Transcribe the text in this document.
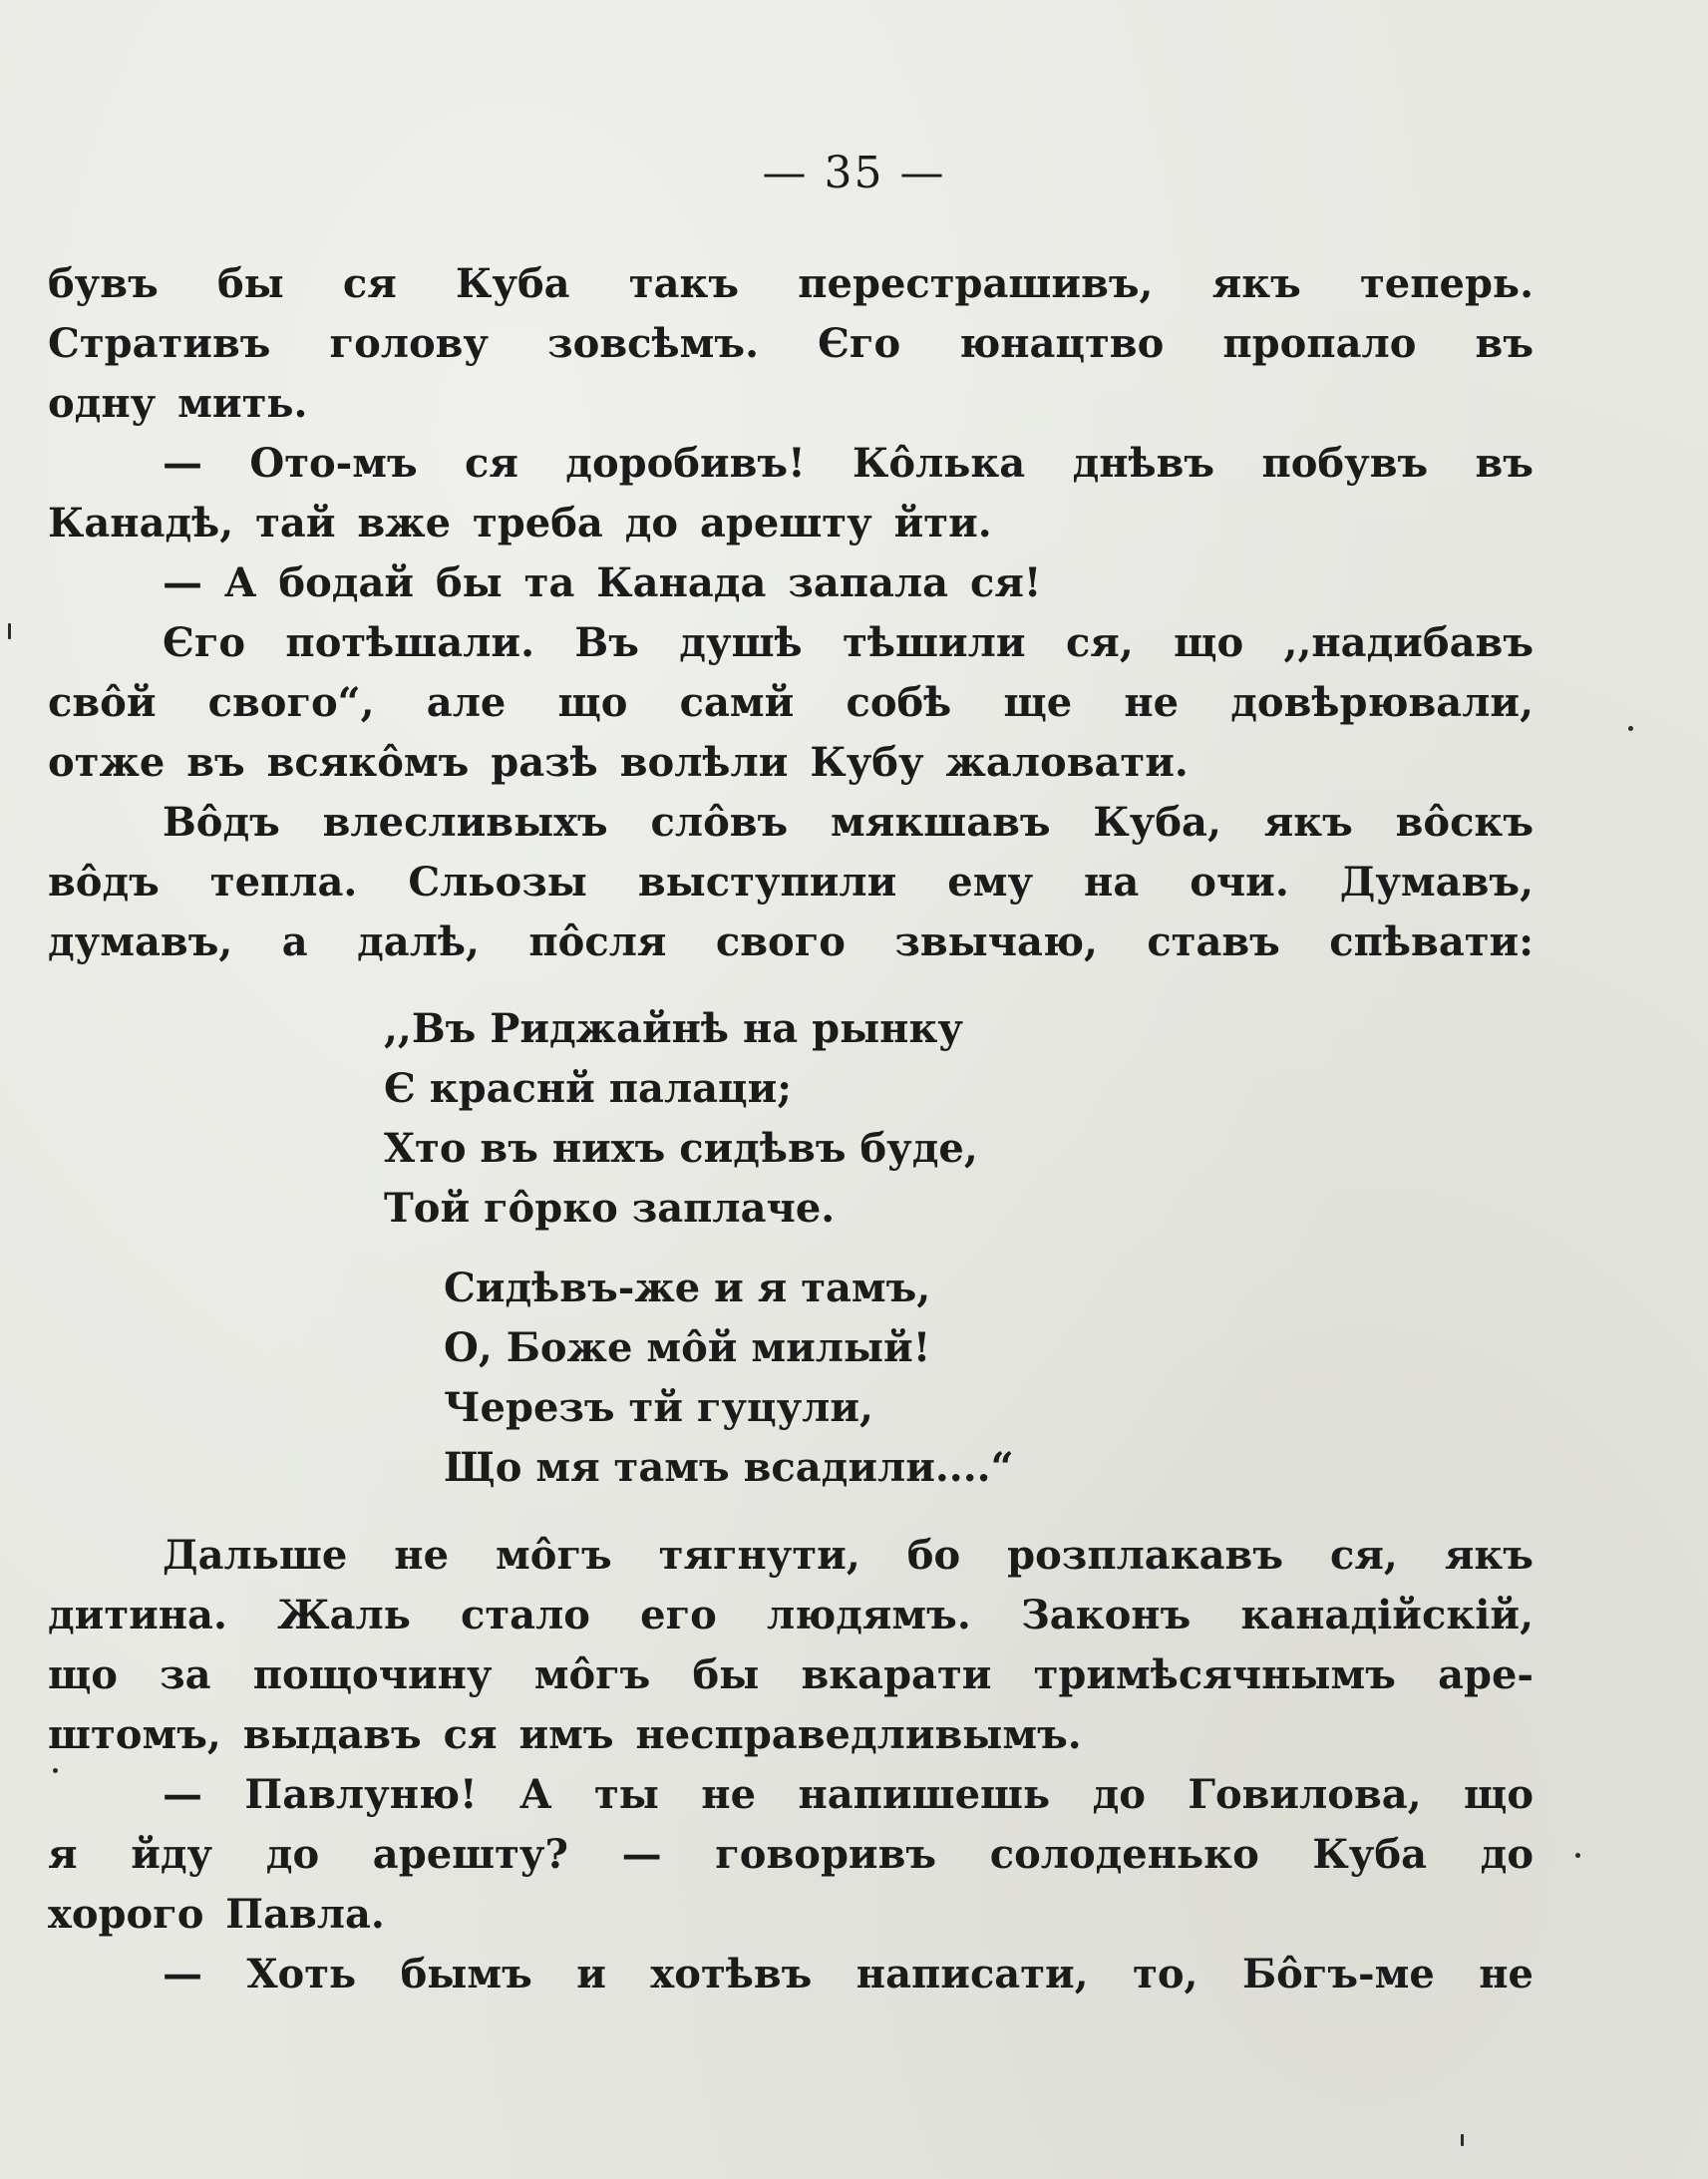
— 35 —
бувъ бы ся Куба такъ перестрашивъ, якъ теперь.
Стративъ голову зовсѣмъ. Єго юнацтво пропало въ
одну мить.
— Ото-мъ ся доробивъ! Кôлька днѣвъ побувъ въ
Канадѣ, тай вже треба до арешту йти.
— А бодай бы та Канада запала ся!
Єго потѣшали. Въ душѣ тѣшили ся, що ,,надибавъ
свôй свого“, але що самй собѣ ще не довѣрювали,
отже въ всякôмъ разѣ волѣли Кубу жаловати.
Вôдъ влесливыхъ слôвъ мякшавъ Куба, якъ вôскъ
вôдъ тепла. Сльозы выступили ему на очи. Думавъ,
думавъ, а далѣ, пôсля свого звычаю, ставъ спѣвати:
,,Въ Риджайнѣ на рынку
Є краснй палаци;
Хто въ нихъ сидѣвъ буде,
Той гôрко заплаче.
Сидѣвъ-же и я тамъ,
О, Боже мôй милый!
Черезъ тй гуцули,
Що мя тамъ всадили....“
Дальше не мôгъ тягнути, бо розплакавъ ся, якъ
дитина. Жаль стало его людямъ. Законъ канадійскій,
що за пощочину мôгъ бы вкарати тримѣсячнымъ аре-
штомъ, выдавъ ся имъ несправедливымъ.
— Павлуню! А ты не напишешь до Говилова, що
я йду до арешту? — говоривъ солоденько Куба до
хорого Павла.
— Хоть бымъ и хотѣвъ написати, то, Бôгъ-ме не
